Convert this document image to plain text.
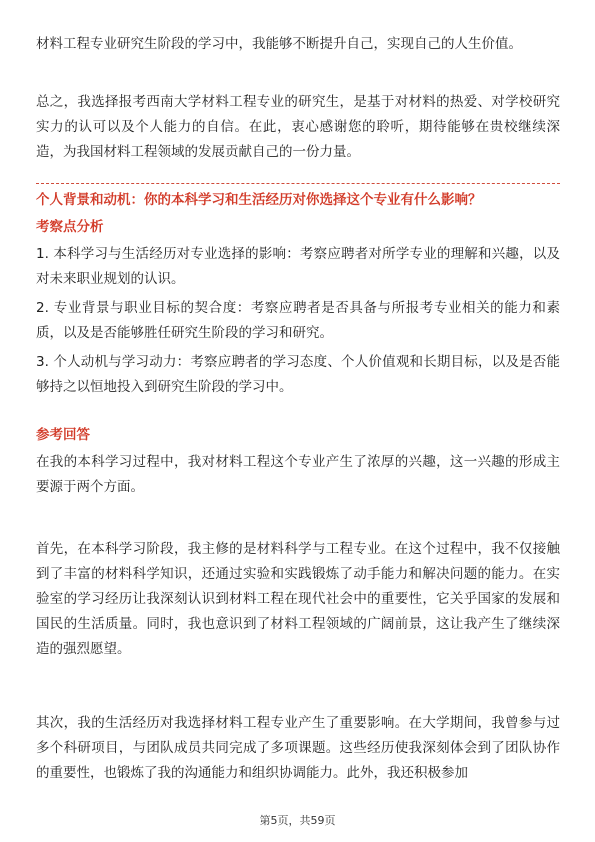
材料工程专业研究生阶段的学习中，我能够不断提升自己，实现自己的人生价值。

总之，我选择报考西南大学材料工程专业的研究生，是基于对材料的热爱、对学校研究实力的认可以及个人能力的自信。在此，衷心感谢您的聆听，期待能够在贵校继续深造，为我国材料工程领域的发展贡献自己的一份力量。

个人背景和动机：你的本科学习和生活经历对你选择这个专业有什么影响？
考察点分析

1. 本科学习与生活经历对专业选择的影响：考察应聘者对所学专业的理解和兴趣，以及对未来职业规划的认识。

2. 专业背景与职业目标的契合度：考察应聘者是否具备与所报考专业相关的能力和素质，以及是否能够胜任研究生阶段的学习和研究。

3. 个人动机与学习动力：考察应聘者的学习态度、个人价值观和长期目标，以及是否能够持之以恒地投入到研究生阶段的学习中。

参考回答

在我的本科学习过程中，我对材料工程这个专业产生了浓厚的兴趣，这一兴趣的形成主要源于两个方面。

首先，在本科学习阶段，我主修的是材料科学与工程专业。在这个过程中，我不仅接触到了丰富的材料科学知识，还通过实验和实践锻炼了动手能力和解决问题的能力。在实验室的学习经历让我深刻认识到材料工程在现代社会中的重要性，它关乎国家的发展和国民的生活质量。同时，我也意识到了材料工程领域的广阔前景，这让我产生了继续深造的强烈愿望。

其次，我的生活经历对我选择材料工程专业产生了重要影响。在大学期间，我曾参与过多个科研项目，与团队成员共同完成了多项课题。这些经历使我深刻体会到了团队协作的重要性，也锻炼了我的沟通能力和组织协调能力。此外，我还积极参加

第5页，共59页
